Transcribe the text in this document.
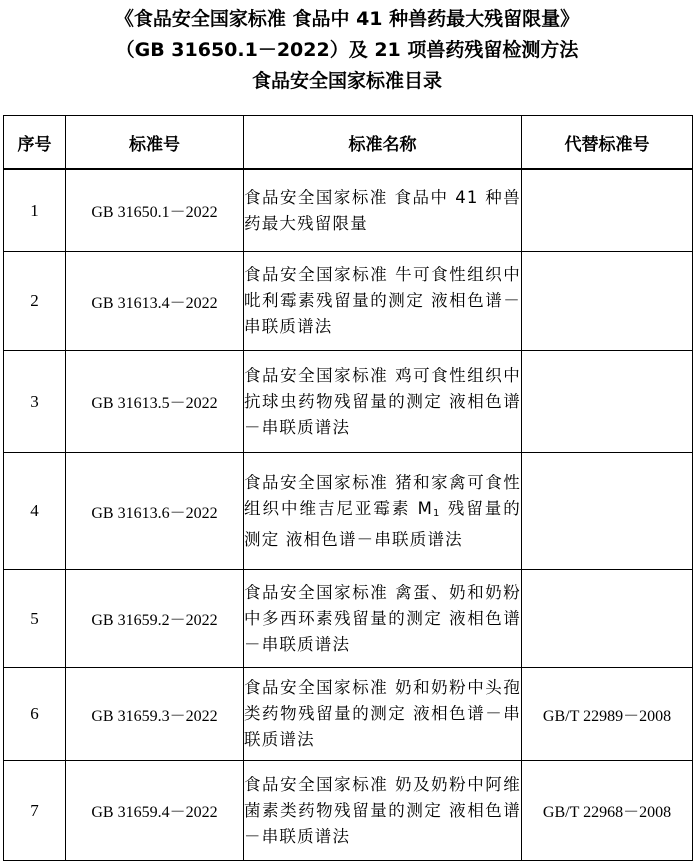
《食品安全国家标准 食品中 41 种兽药最大残留限量》
（GB 31650.1－2022）及 21 项兽药残留检测方法
食品安全国家标准目录
序号	标准号	标准名称	代替标准号

1	GB 31650.1－2022	食品安全国家标准 食品中 41 种兽药最大残留限量	
2	GB 31613.4－2022	食品安全国家标准 牛可食性组织中吡利霉素残留量的测定 液相色谱－串联质谱法	
3	GB 31613.5－2022	食品安全国家标准 鸡可食性组织中抗球虫药物残留量的测定 液相色谱－串联质谱法	
4	GB 31613.6－2022	食品安全国家标准 猪和家禽可食性组织中维吉尼亚霉素 $M_1$ 残留量的测定 液相色谱－串联质谱法	
5	GB 31659.2－2022	食品安全国家标准 禽蛋、奶和奶粉中多西环素残留量的测定 液相色谱－串联质谱法	
6	GB 31659.3－2022	食品安全国家标准 奶和奶粉中头孢类药物残留量的测定 液相色谱－串联质谱法	GB/T 22989－2008
7	GB 31659.4－2022	食品安全国家标准 奶及奶粉中阿维菌素类药物残留量的测定 液相色谱－串联质谱法	GB/T 22968－2008
